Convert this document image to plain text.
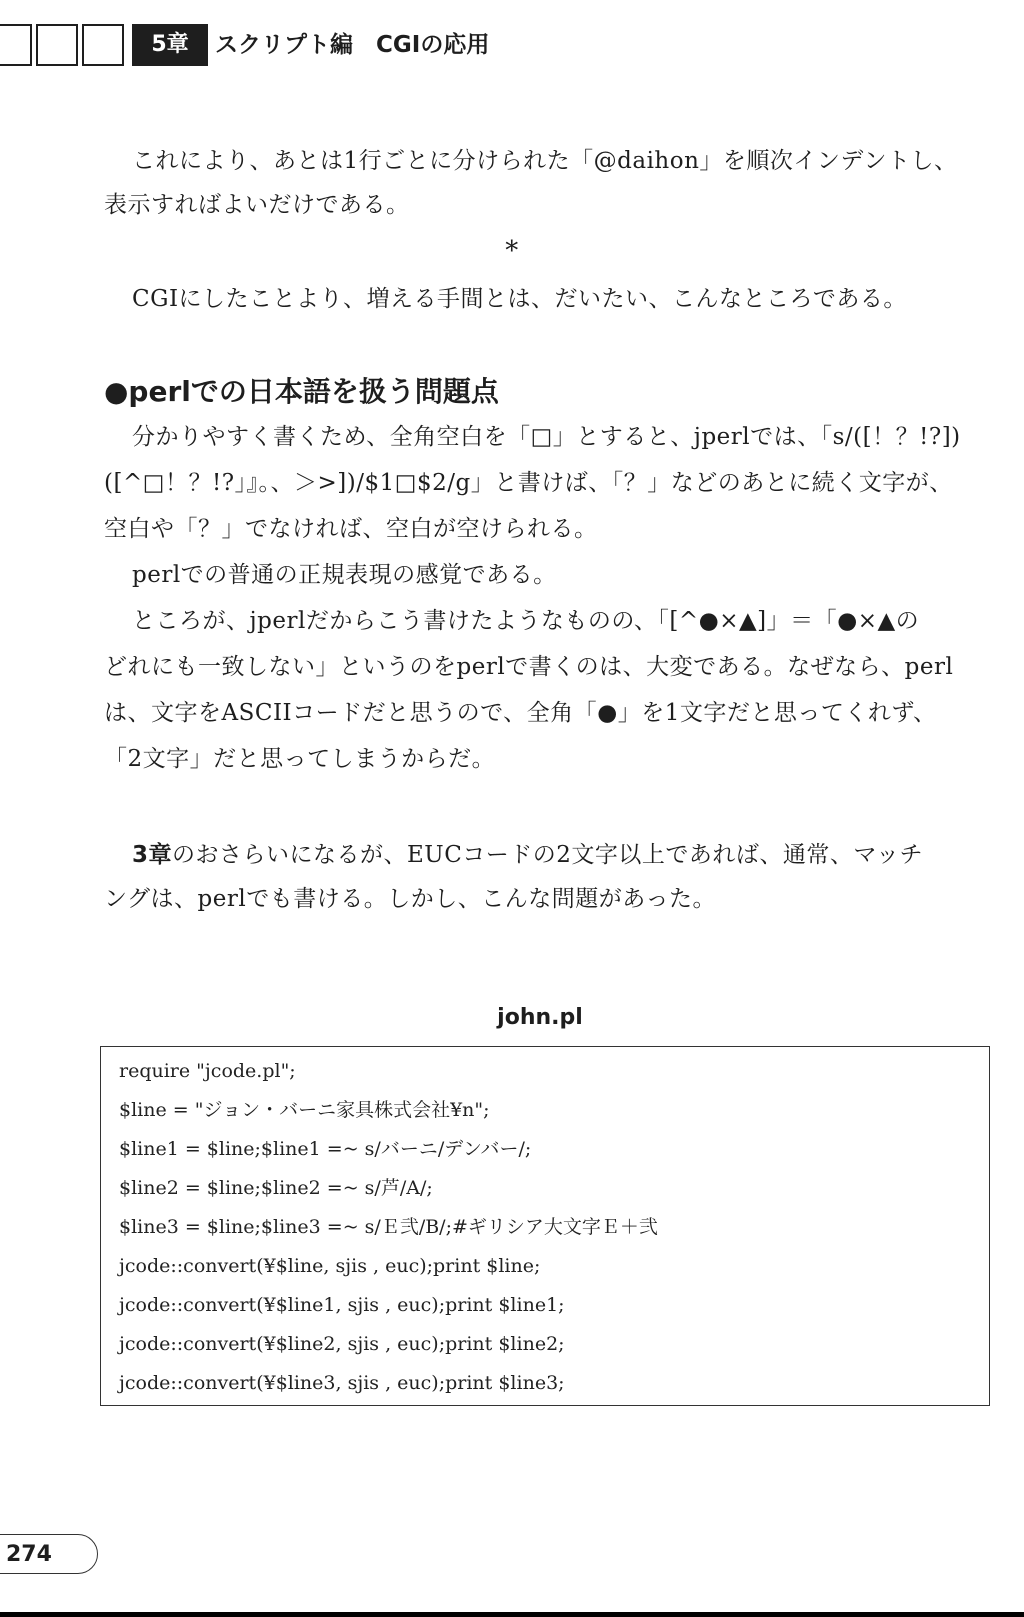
5章	スクリプト編　CGIの応用
これにより、あとは1行ごとに分けられた「@daihon」を順次インデントし、
表示すればよいだけである。
*
CGIにしたことより、増える手間とは、だいたい、こんなところである。
●perlでの日本語を扱う問題点
分かりやすく書くため、全角空白を「□」とすると、jperlでは、「s/([！？!?])
([^□！？!?」』。、＞>])/$1□$2/g」と書けば、「？」などのあとに続く文字が、
空白や「？」でなければ、空白が空けられる。
perlでの普通の正規表現の感覚である。
ところが、jperlだからこう書けたようなものの、「[^●×▲]」＝「●×▲の
どれにも一致しない」というのをperlで書くのは、大変である。なぜなら、perl
は、文字をASCIIコードだと思うので、全角「●」を1文字だと思ってくれず、
「2文字」だと思ってしまうからだ。
3章のおさらいになるが、EUCコードの2文字以上であれば、通常、マッチ
ングは、perlでも書ける。しかし、こんな問題があった。
john.pl
require "jcode.pl";
$line = "ジョン・バーニ家具株式会社¥n";
$line1 = $line;$line1 =~ s/バーニ/デンバー/;
$line2 = $line;$line2 =~ s/芦/A/;
$line3 = $line;$line3 =~ s/Ｅ弐/B/;#ギリシア大文字Ｅ＋弐
jcode::convert(¥$line, sjis , euc);print $line;
jcode::convert(¥$line1, sjis , euc);print $line1;
jcode::convert(¥$line2, sjis , euc);print $line2;
jcode::convert(¥$line3, sjis , euc);print $line3;
274
